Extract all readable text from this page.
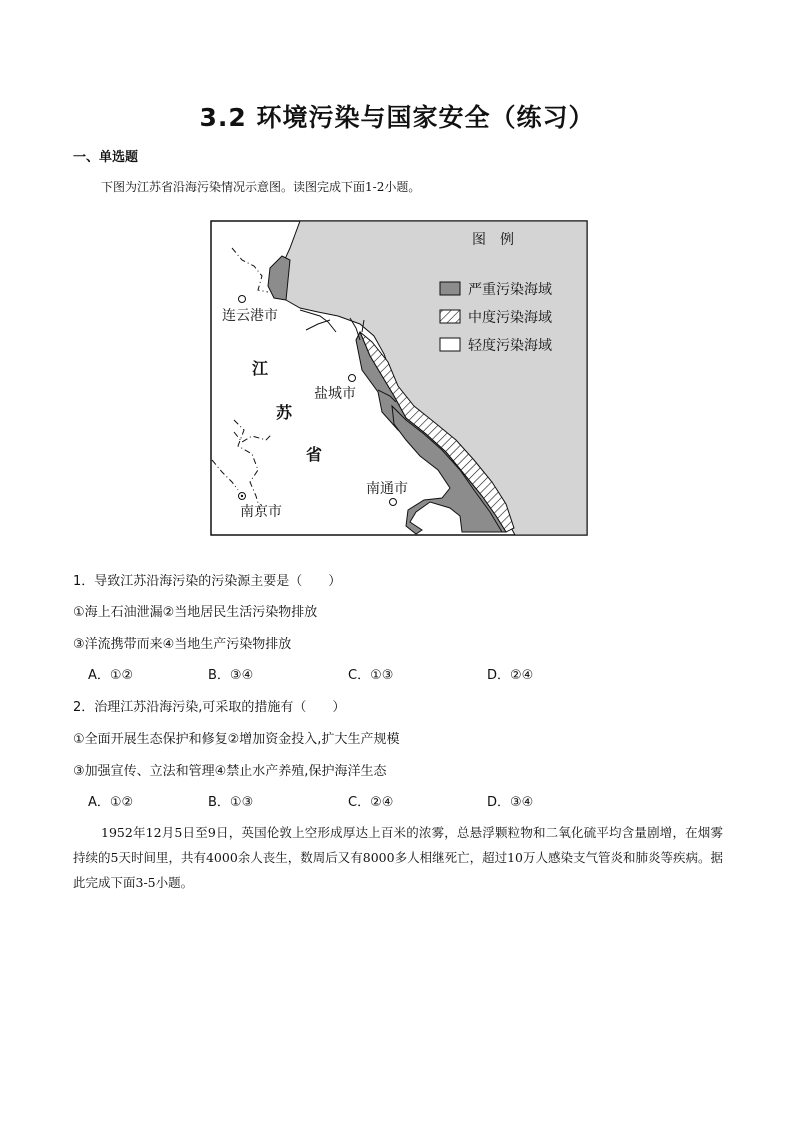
3.2 环境污染与国家安全（练习）
一、单选题
下图为江苏省沿海污染情况示意图。读图完成下面1-2小题。
图　例
严重污染海域
中度污染海域
轻度污染海域
连云港市
盐城市
南通市
南京市
江
苏
省
1．导致江苏沿海污染的污染源主要是（　　）
①海上石油泄漏②当地居民生活污染物排放
③洋流携带而来④当地生产污染物排放
A．①②	B．③④	C．①③	D．②④
2．治理江苏沿海污染,可采取的措施有（　　）
①全面开展生态保护和修复②增加资金投入,扩大生产规模
③加强宣传、立法和管理④禁止水产养殖,保护海洋生态
A．①②	B．①③	C．②④	D．③④
1952年12月5日至9日，英国伦敦上空形成厚达上百米的浓雾，总悬浮颗粒物和二氧化硫平均含量剧增，在烟雾持续的5天时间里，共有4000余人丧生，数周后又有8000多人相继死亡，超过10万人感染支气管炎和肺炎等疾病。据此完成下面3-5小题。
